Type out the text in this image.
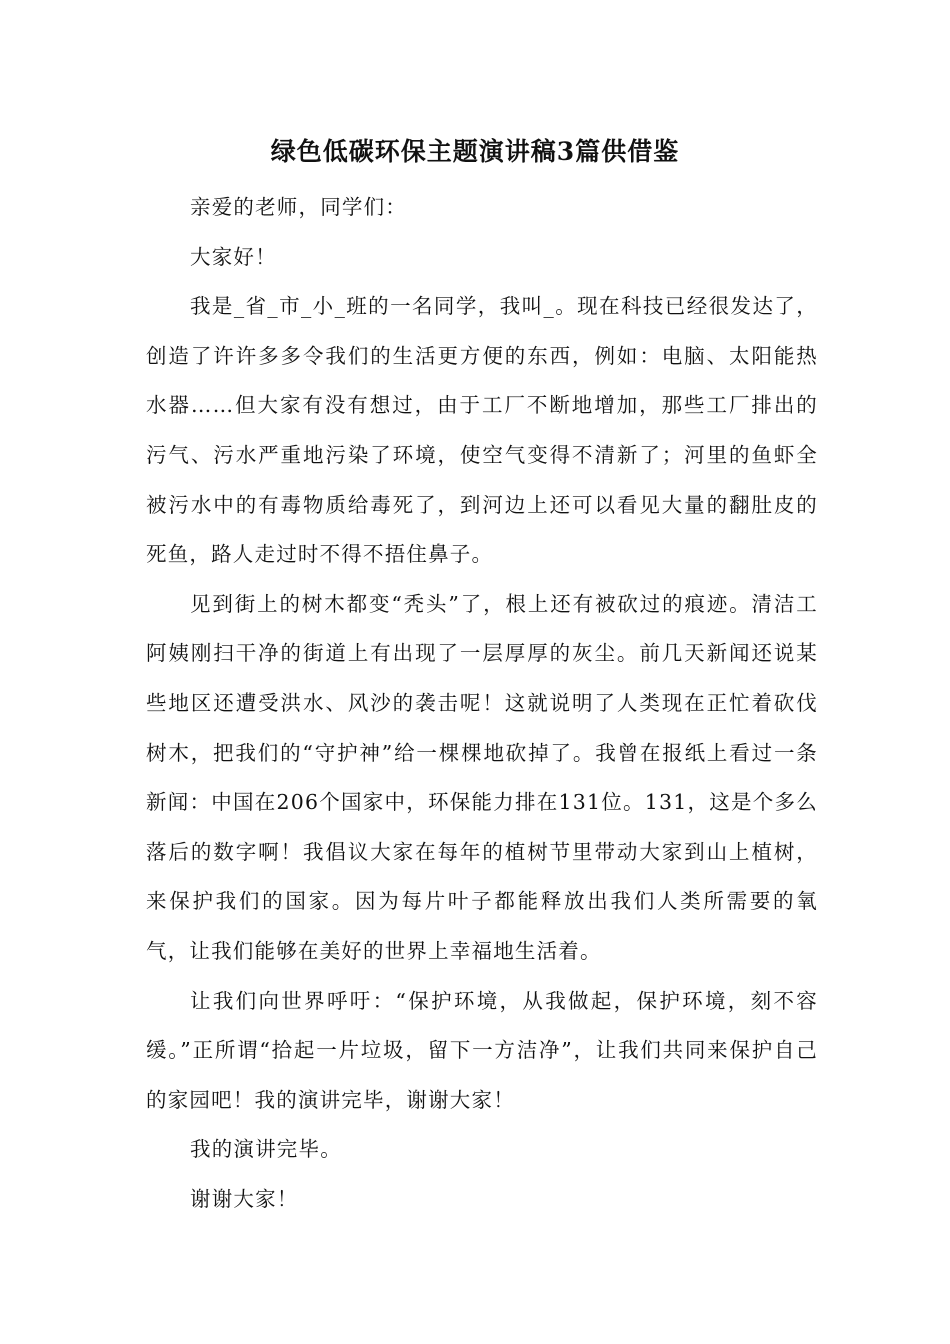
绿色低碳环保主题演讲稿3篇供借鉴

亲爱的老师，同学们：

大家好！

我是_省_市_小_班的一名同学，我叫_。现在科技已经很发达了，创造了许许多多令我们的生活更方便的东西，例如：电脑、太阳能热水器……但大家有没有想过，由于工厂不断地增加，那些工厂排出的污气、污水严重地污染了环境，使空气变得不清新了；河里的鱼虾全被污水中的有毒物质给毒死了，到河边上还可以看见大量的翻肚皮的死鱼，路人走过时不得不捂住鼻子。

见到街上的树木都变“秃头”了，根上还有被砍过的痕迹。清洁工阿姨刚扫干净的街道上有出现了一层厚厚的灰尘。前几天新闻还说某些地区还遭受洪水、风沙的袭击呢！这就说明了人类现在正忙着砍伐树木，把我们的“守护神”给一棵棵地砍掉了。我曾在报纸上看过一条新闻：中国在206个国家中，环保能力排在131位。131，这是个多么落后的数字啊！我倡议大家在每年的植树节里带动大家到山上植树，来保护我们的国家。因为每片叶子都能释放出我们人类所需要的氧气，让我们能够在美好的世界上幸福地生活着。

让我们向世界呼吁：“保护环境，从我做起，保护环境，刻不容缓。”正所谓“拾起一片垃圾，留下一方洁净”，让我们共同来保护自己的家园吧！我的演讲完毕，谢谢大家！

我的演讲完毕。

谢谢大家！
